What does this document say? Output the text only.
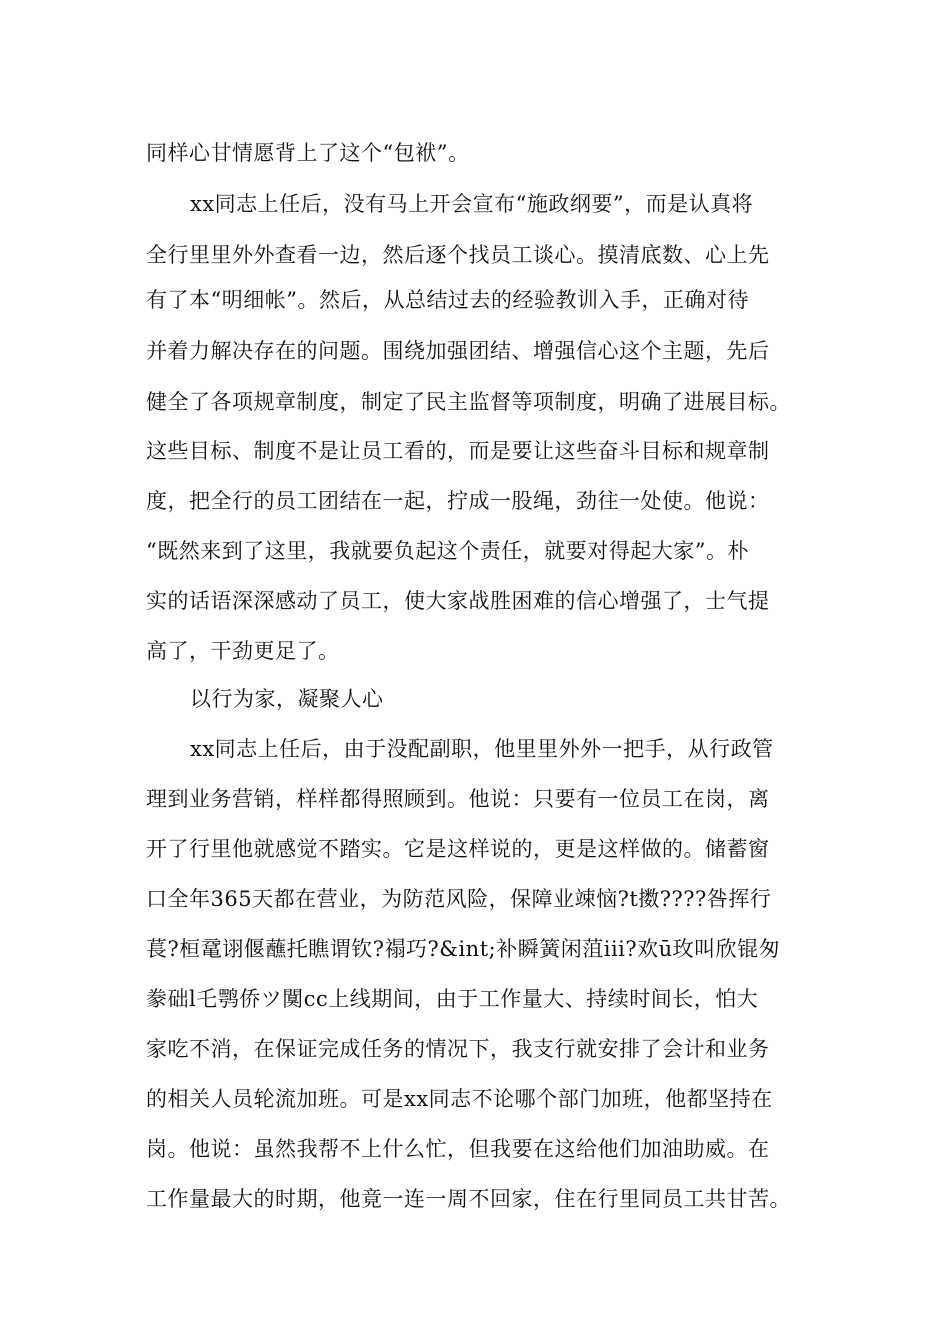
同样心甘情愿背上了这个“包袱”。
xx同志上任后，没有马上开会宣布“施政纲要”，而是认真将
全行里里外外查看一边，然后逐个找员工谈心。摸清底数、心上先
有了本“明细帐”。然后，从总结过去的经验教训入手，正确对待
并着力解决存在的问题。围绕加强团结、增强信心这个主题，先后
健全了各项规章制度，制定了民主监督等项制度，明确了进展目标。
这些目标、制度不是让员工看的，而是要让这些奋斗目标和规章制
度，把全行的员工团结在一起，拧成一股绳，劲往一处使。他说：
“既然来到了这里，我就要负起这个责任，就要对得起大家”。朴
实的话语深深感动了员工，使大家战胜困难的信心增强了，士气提
高了，干劲更足了。
以行为家，凝聚人心
xx同志上任后，由于没配副职，他里里外外一把手，从行政管
理到业务营销，样样都得照顾到。他说：只要有一位员工在岗，离
开了行里他就感觉不踏实。它是这样说的，更是这样做的。储蓄窗
口全年365天都在营业，为防范风险，保障业竦恼?t擞????咎挥行
萇?桓鼋诩偃蘸托瞧谓钦?禢巧?&int;补瞬簧闲菹iii?欢ū玫叫欣锟匆
豢础l乇鹗侨ツ闃cc上线期间，由于工作量大、持续时间长，怕大
家吃不消，在保证完成任务的情况下，我支行就安排了会计和业务
的相关人员轮流加班。可是xx同志不论哪个部门加班，他都坚持在
岗。他说：虽然我帮不上什么忙，但我要在这给他们加油助威。在
工作量最大的时期，他竟一连一周不回家，住在行里同员工共甘苦。
